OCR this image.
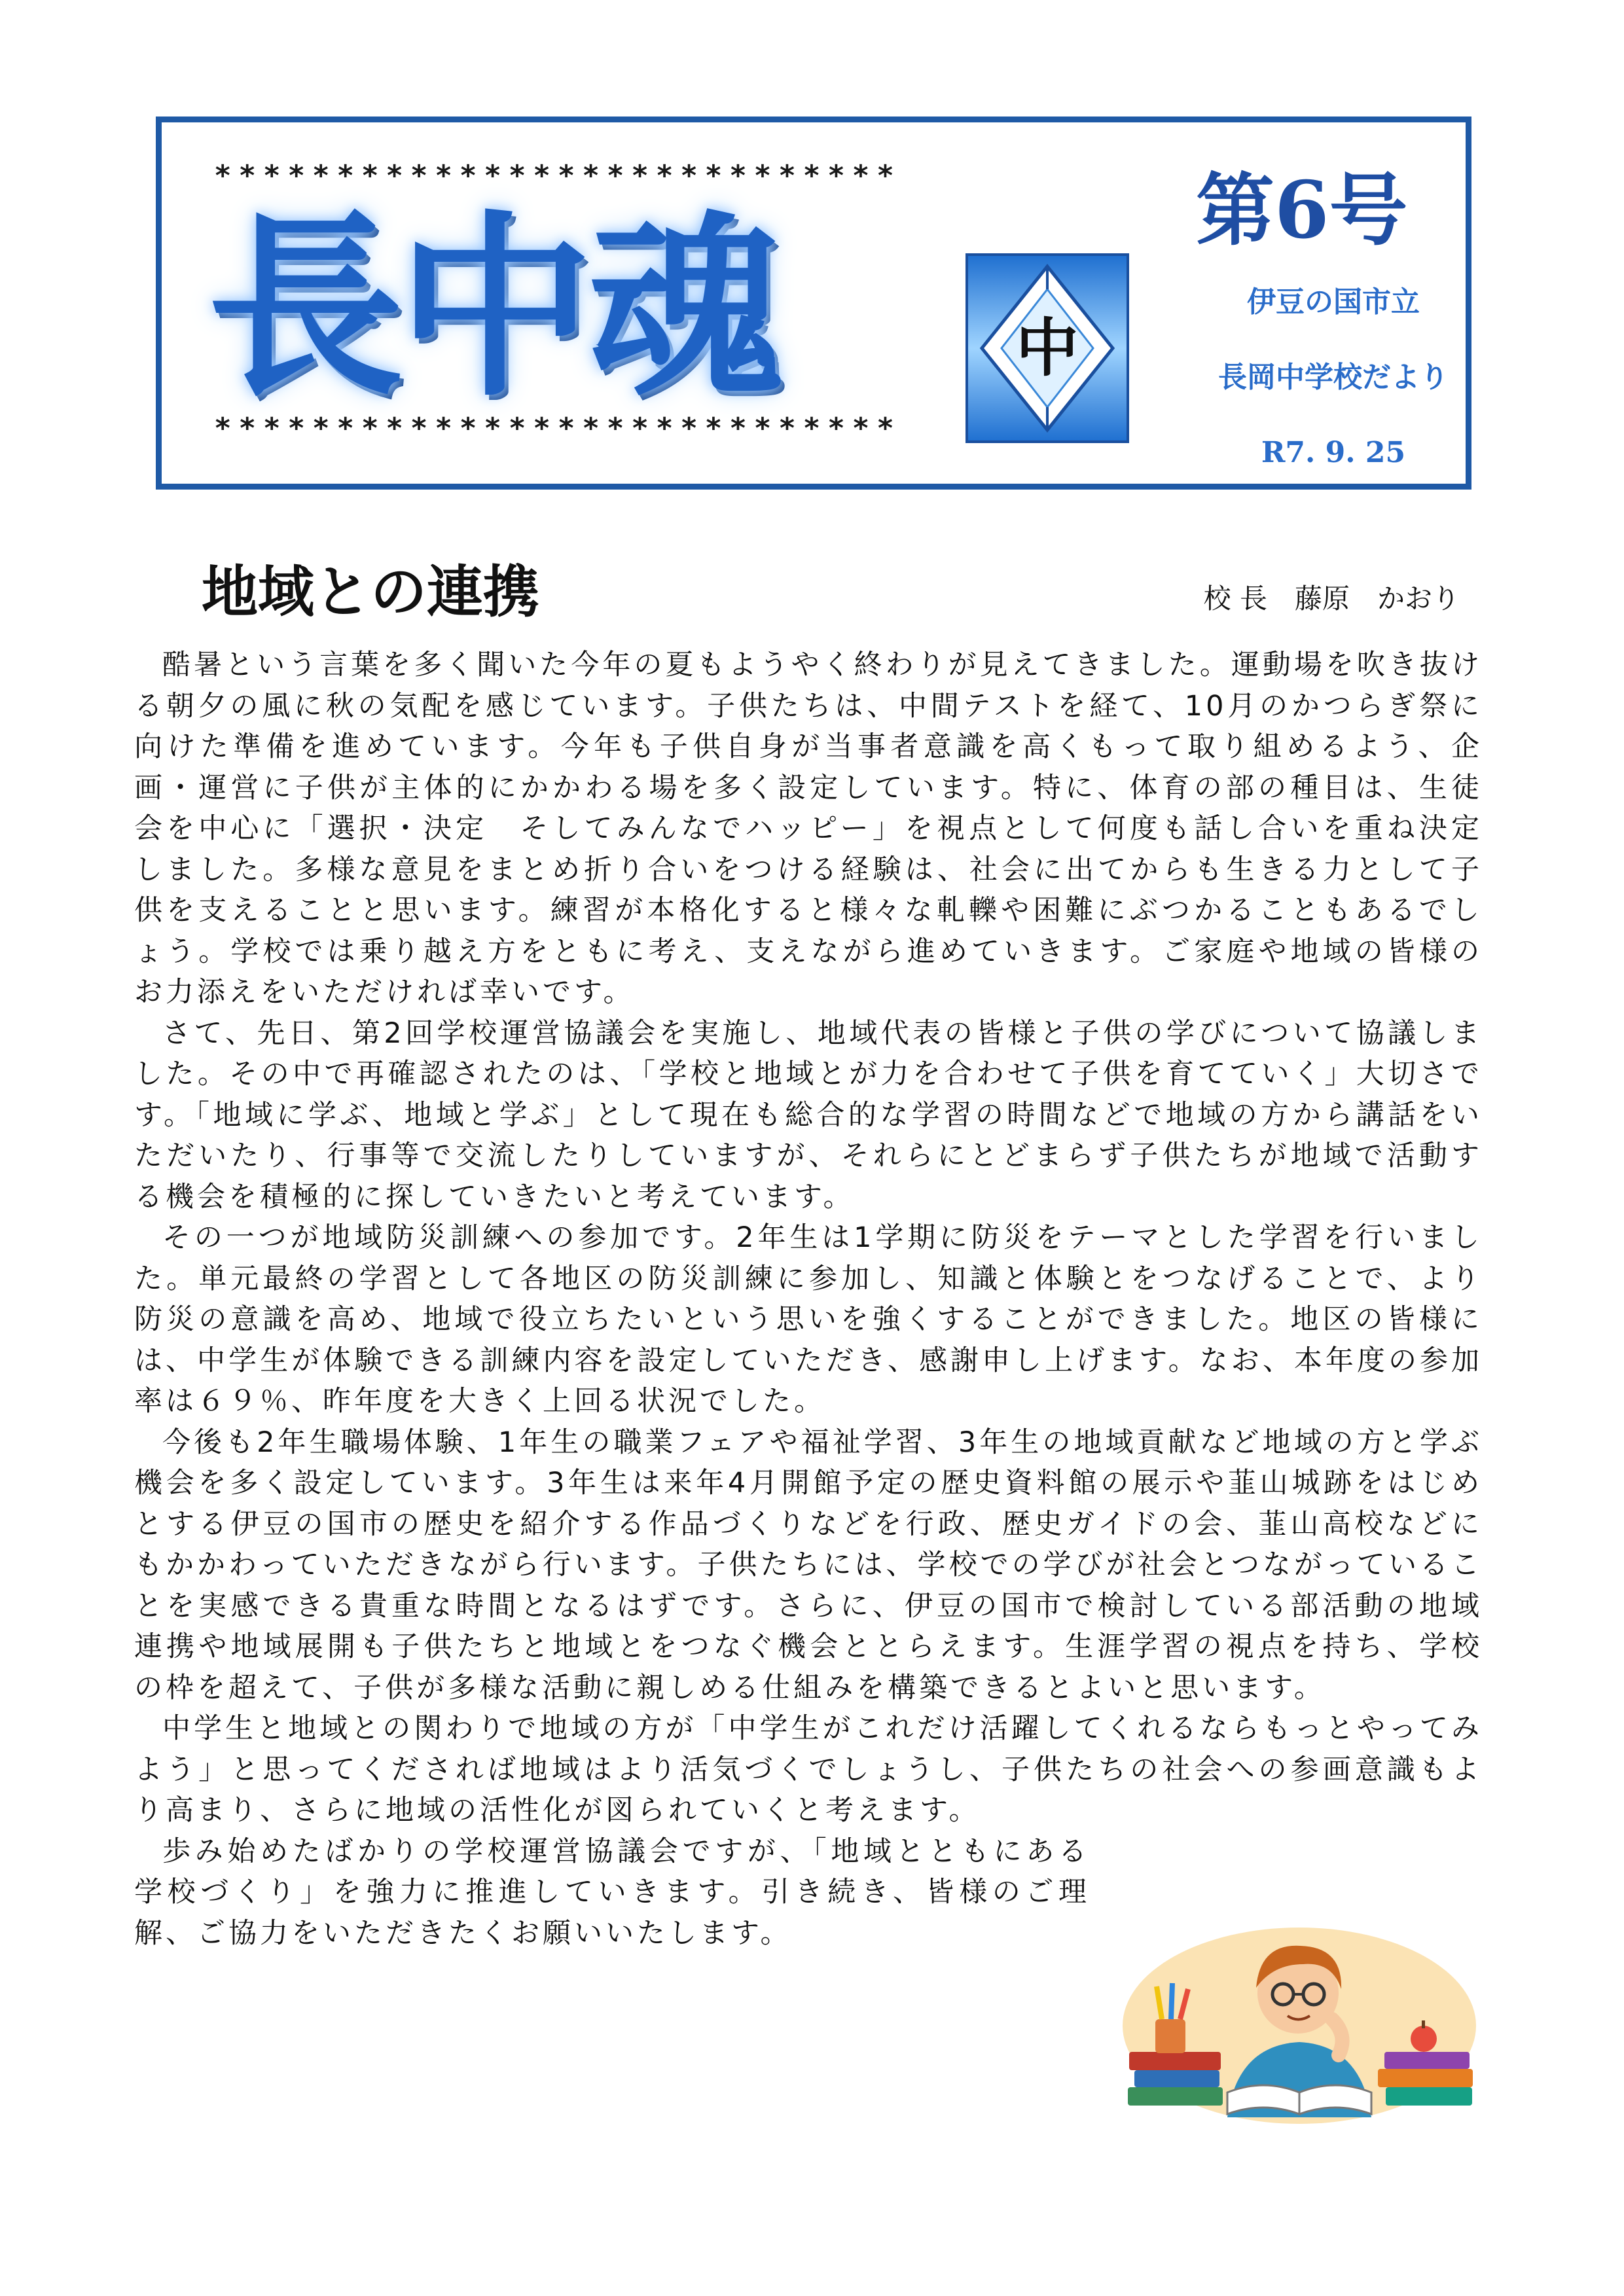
****************************
長中魂
****************************
中
第6号
伊豆の国市立
長岡中学校だより
R7. 9. 25
地域との連携	校 長　藤原　かおり

酷暑という言葉を多く聞いた今年の夏もようやく終わりが見えてきました。運動場を吹き抜ける朝夕の風に秋の気配を感じています。子供たちは、中間テストを経て、10月のかつらぎ祭に向けた準備を進めています。今年も子供自身が当事者意識を高くもって取り組めるよう、企画・運営に子供が主体的にかかわる場を多く設定しています。特に、体育の部の種目は、生徒会を中心に「選択・決定　そしてみんなでハッピー」を視点として何度も話し合いを重ね決定しました。多様な意見をまとめ折り合いをつける経験は、社会に出てからも生きる力として子供を支えることと思います。練習が本格化すると様々な軋轢や困難にぶつかることもあるでしょう。学校では乗り越え方をともに考え、支えながら進めていきます。ご家庭や地域の皆様のお力添えをいただければ幸いです。

さて、先日、第2回学校運営協議会を実施し、地域代表の皆様と子供の学びについて協議しました。その中で再確認されたのは、「学校と地域とが力を合わせて子供を育てていく」大切さです。「地域に学ぶ、地域と学ぶ」として現在も総合的な学習の時間などで地域の方から講話をいただいたり、行事等で交流したりしていますが、それらにとどまらず子供たちが地域で活動する機会を積極的に探していきたいと考えています。

その一つが地域防災訓練への参加です。2年生は1学期に防災をテーマとした学習を行いました。単元最終の学習として各地区の防災訓練に参加し、知識と体験とをつなげることで、より防災の意識を高め、地域で役立ちたいという思いを強くすることができました。地区の皆様には、中学生が体験できる訓練内容を設定していただき、感謝申し上げます。なお、本年度の参加率は６９％、昨年度を大きく上回る状況でした。

今後も2年生職場体験、1年生の職業フェアや福祉学習、3年生の地域貢献など地域の方と学ぶ機会を多く設定しています。3年生は来年4月開館予定の歴史資料館の展示や韮山城跡をはじめとする伊豆の国市の歴史を紹介する作品づくりなどを行政、歴史ガイドの会、韮山高校などにもかかわっていただきながら行います。子供たちには、学校での学びが社会とつながっていることを実感できる貴重な時間となるはずです。さらに、伊豆の国市で検討している部活動の地域連携や地域展開も子供たちと地域とをつなぐ機会ととらえます。生涯学習の視点を持ち、学校の枠を超えて、子供が多様な活動に親しめる仕組みを構築できるとよいと思います。

中学生と地域との関わりで地域の方が「中学生がこれだけ活躍してくれるならもっとやってみよう」と思ってくだされば地域はより活気づくでしょうし、子供たちの社会への参画意識もより高まり、さらに地域の活性化が図られていくと考えます。

歩み始めたばかりの学校運営協議会ですが、「地域とともにある学校づくり」を強力に推進していきます。引き続き、皆様のご理解、ご協力をいただきたくお願いいたします。
